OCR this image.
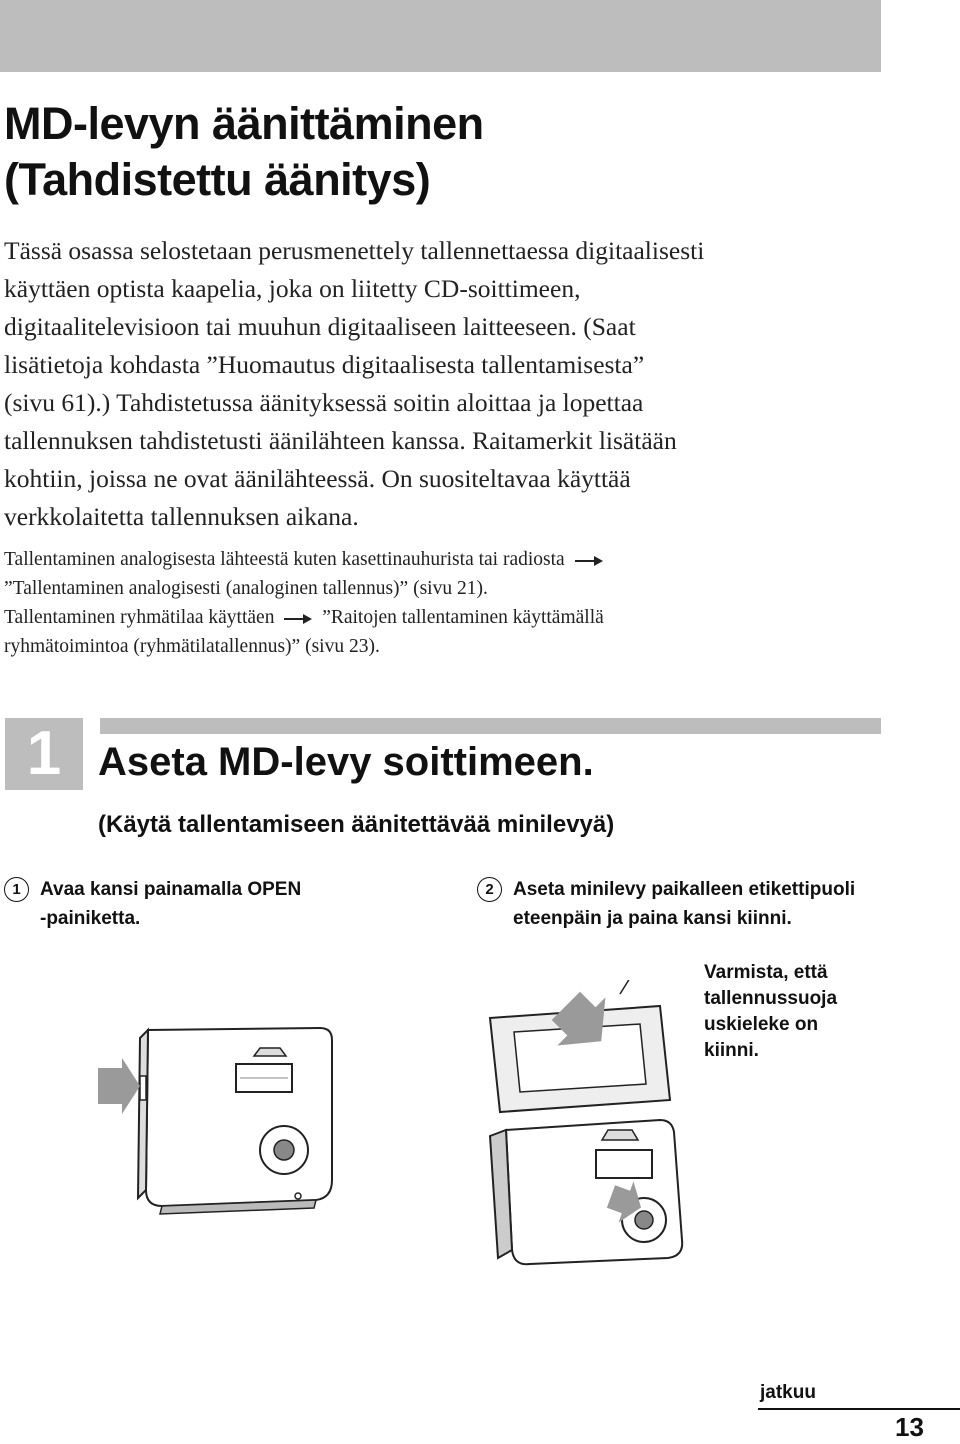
MD-levyn äänittäminen
(Tahdistettu äänitys)

Tässä osassa selostetaan perusmenettely tallennettaessa digitaalisesti
käyttäen optista kaapelia, joka on liitetty CD-soittimeen,
digitaalitelevisioon tai muuhun digitaaliseen laitteeseen. (Saat
lisätietoja kohdasta ”Huomautus digitaalisesta tallentamisesta”
(sivu 61).) Tahdistetussa äänityksessä soitin aloittaa ja lopettaa
tallennuksen tahdistetusti äänilähteen kanssa. Raitamerkit lisätään
kohtiin, joissa ne ovat äänilähteessä. On suositeltavaa käyttää
verkkolaitetta tallennuksen aikana.

Tallentaminen analogisesta lähteestä kuten kasettinauhurista tai radiosta
”Tallentaminen analogisesti (analoginen tallennus)” (sivu 21).
Tallentaminen ryhmätilaa käyttäen ”Raitojen tallentaminen käyttämällä
ryhmätoimintoa (ryhmätilatallennus)” (sivu 23).
1 Aseta MD-levy soittimeen.
(Käytä tallentamiseen äänitettävää minilevyä)
1	Avaa kansi painamalla OPEN
-painiketta.
2	Aseta minilevy paikalleen etikettipuoli
eteenpäin ja paina kansi kiinni.
Varmista, että
tallennussuoja
uskieleke on
kiinni.
jatkuu
13
